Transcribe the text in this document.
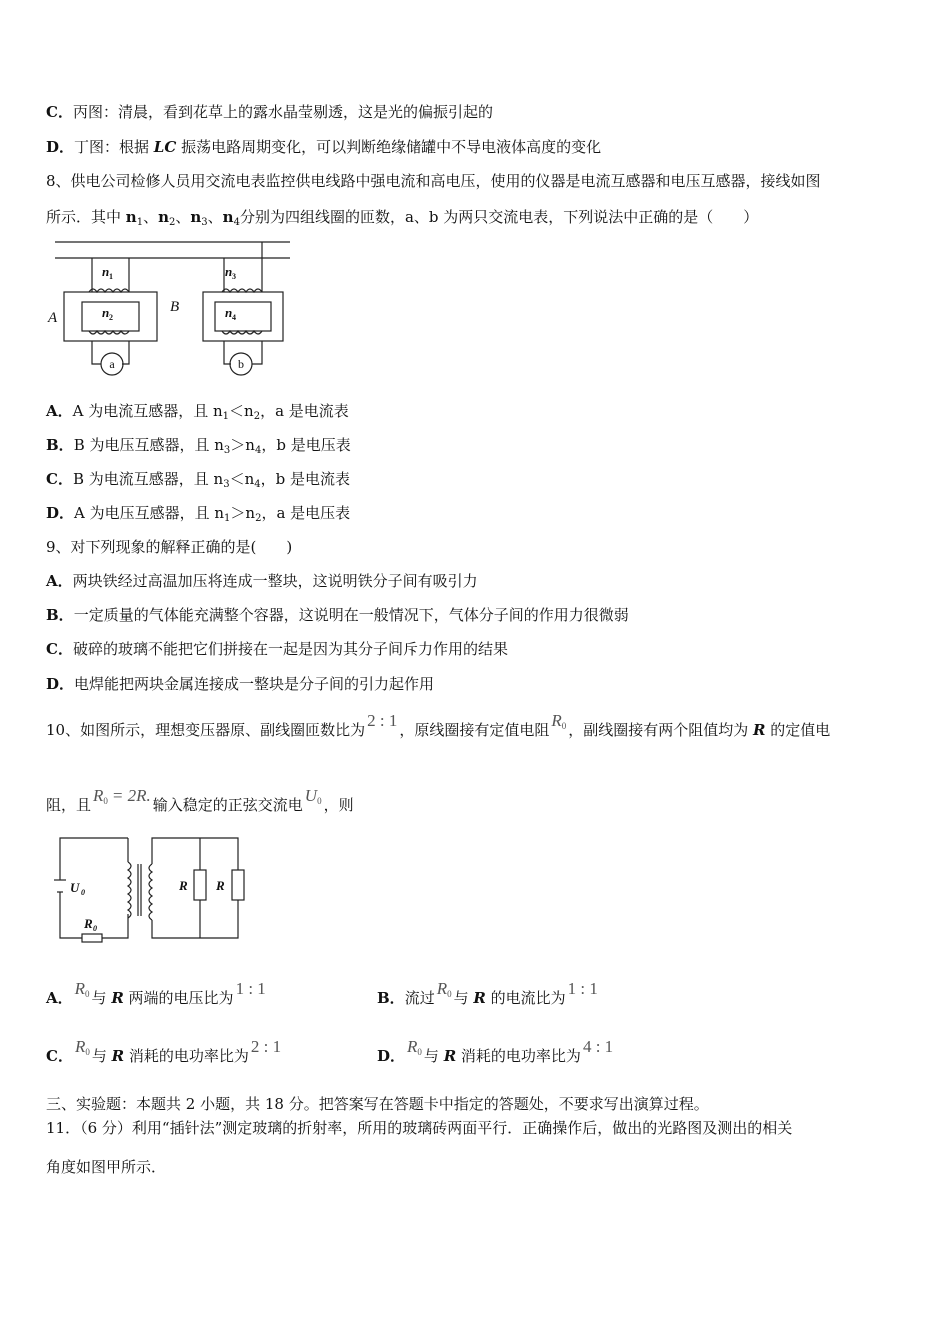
C．丙图：清晨，看到花草上的露水晶莹剔透，这是光的偏振引起的
D．丁图：根据 LC 振荡电路周期变化，可以判断绝缘储罐中不导电液体高度的变化
8、供电公司检修人员用交流电表监控供电线路中强电流和高电压，使用的仪器是电流互感器和电压互感器，接线如图
所示．其中 $n_1$、$n_2$、$n_3$、$n_4$分别为四组线圈的匝数，a、b 为两只交流电表，下列说法中正确的是（　　）
A
B
n 1
n 2
n 3
n 4
a	b
A．A 为电流互感器，且 $n_1<n_2$，a 是电流表
B．B 为电压互感器，且 $n_3>n_4$，b 是电压表
C．B 为电流互感器，且 $n_3<n_4$，b 是电流表
D．A 为电压互感器，且 $n_1>n_2$，a 是电压表
9、对下列现象的解释正确的是(　　)
A．两块铁经过高温加压将连成一整块，这说明铁分子间有吸引力
B．一定质量的气体能充满整个容器，这说明在一般情况下，气体分子间的作用力很微弱
C．破碎的玻璃不能把它们拼接在一起是因为其分子间斥力作用的结果
D．电焊能把两块金属连接成一整块是分子间的引力起作用
10、如图所示，理想变压器原、副线圈匝数比为 2 : 1 ，原线圈接有定值电阻 $R_0$ ，副线圈接有两个阻值均为 R 的定值电
阻，且 $R_0 = 2R$. 输入稳定的正弦交流电 $U_0$ ，则
U 0
R 0
R R
A． $R_0$ 与 R 两端的电压比为 1 : 1	B．流过 $R_0$ 与 R 的电流比为 1 : 1
C． $R_0$ 与 R 消耗的电功率比为 2 : 1	D． $R_0$ 与 R 消耗的电功率比为 4 : 1
三、实验题：本题共 2 小题，共 18 分。把答案写在答题卡中指定的答题处，不要求写出演算过程。
11．（6 分）利用“插针法”测定玻璃的折射率，所用的玻璃砖两面平行．正确操作后，做出的光路图及测出的相关
角度如图甲所示．
